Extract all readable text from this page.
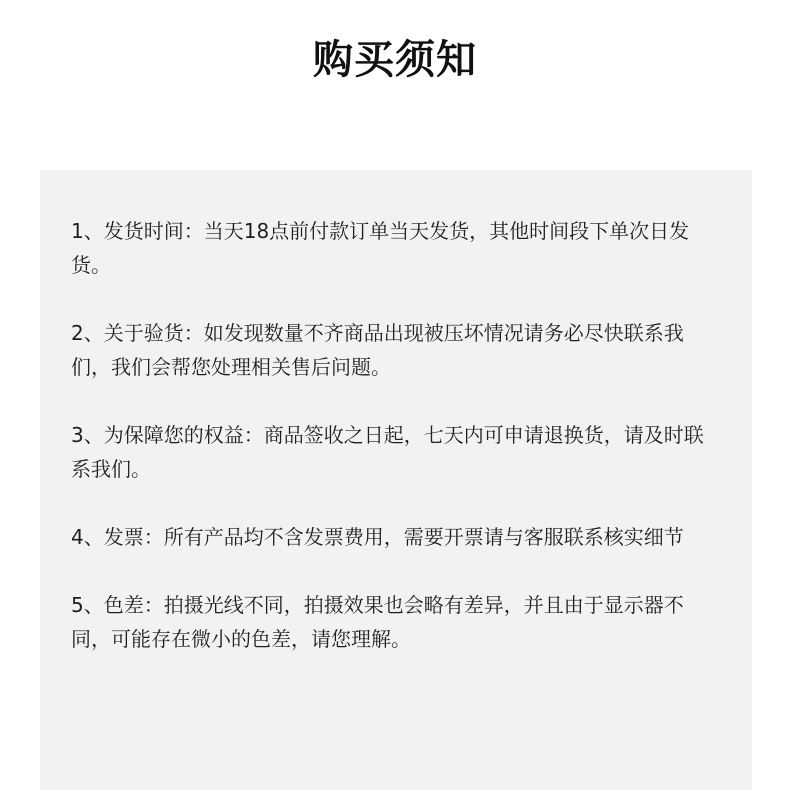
购买须知

1、发货时间：当天18点前付款订单当天发货，其他时间段下单次日发货。

2、关于验货：如发现数量不齐商品出现被压坏情况请务必尽快联系我们，我们会帮您处理相关售后问题。

3、为保障您的权益：商品签收之日起，七天内可申请退换货，请及时联系我们。

4、发票：所有产品均不含发票费用，需要开票请与客服联系核实细节

5、色差：拍摄光线不同，拍摄效果也会略有差异，并且由于显示器不同，可能存在微小的色差，请您理解。
